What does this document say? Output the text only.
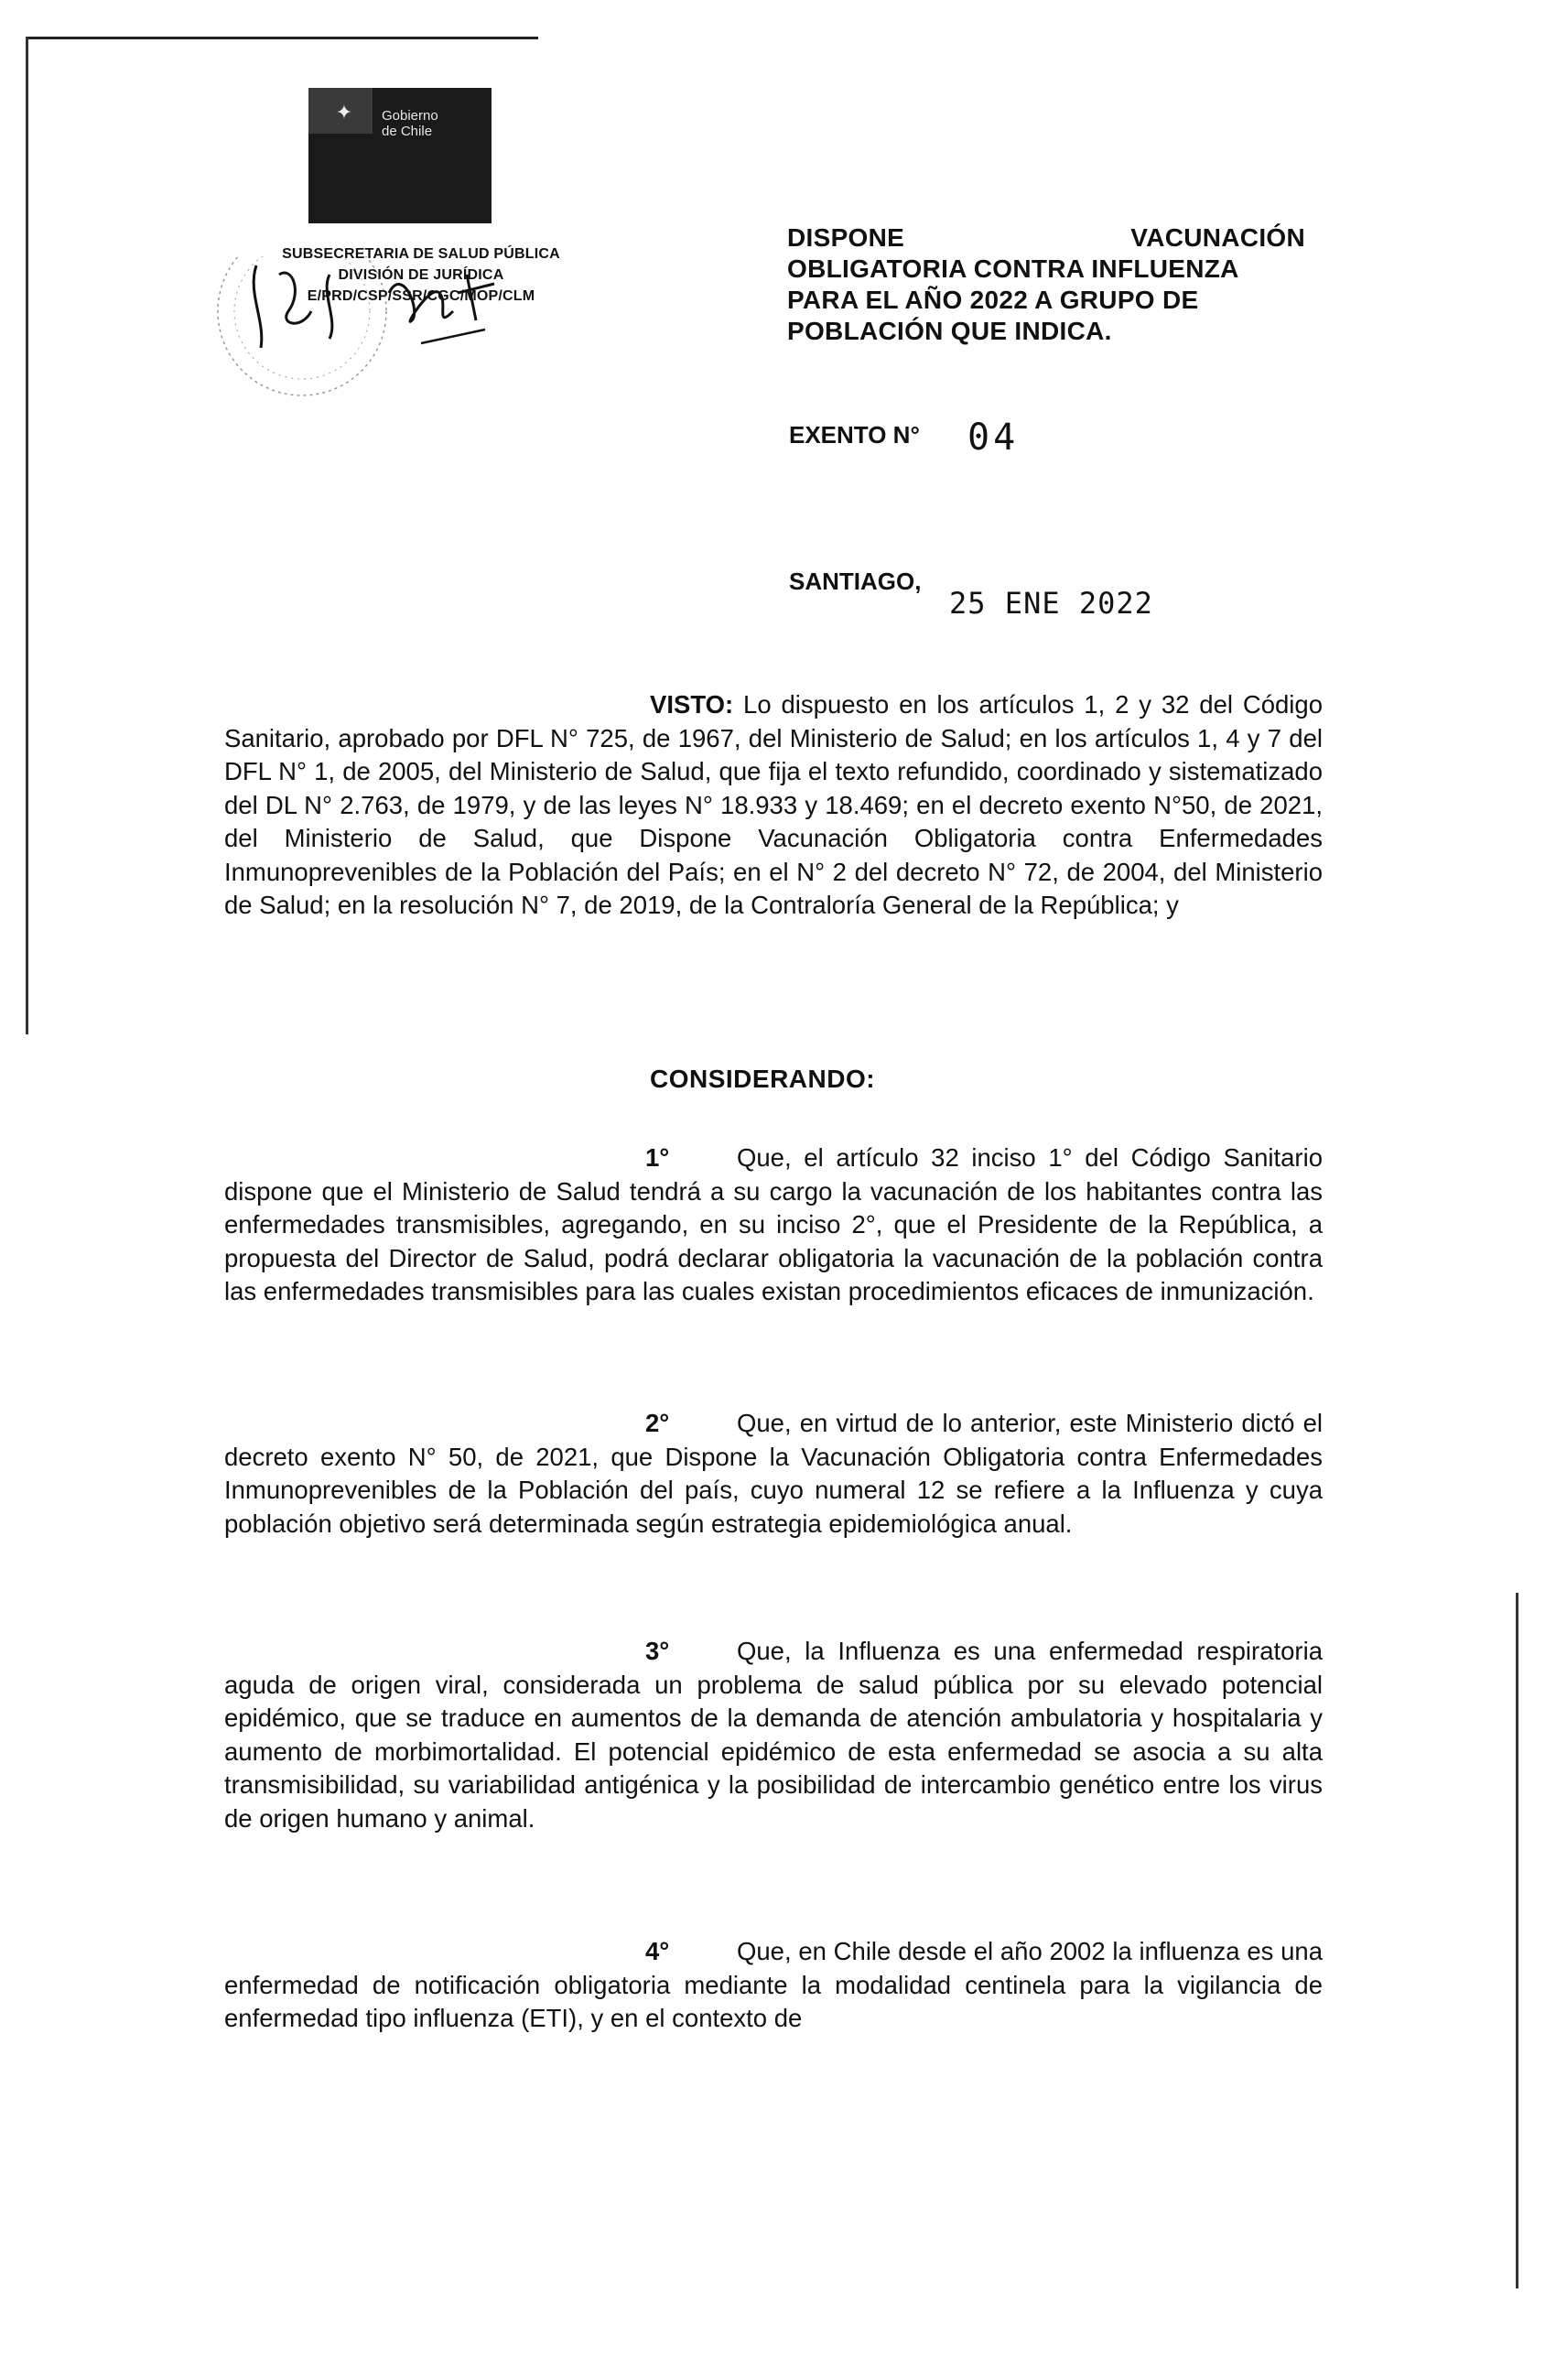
✦	Gobierno
de Chile
SUBSECRETARIA DE SALUD PÚBLICA
DIVISIÓN DE JURÍDICA
E/PRD/CSP/SSR/CGC/MOP/CLM
DISPONE	VACUNACIÓN
OBLIGATORIA CONTRA INFLUENZA
PARA EL AÑO 2022 A GRUPO DE
POBLACIÓN QUE INDICA.
EXENTO N° 04
SANTIAGO,
25 ENE 2022
VISTO: Lo dispuesto en los artículos 1, 2 y 32 del Código Sanitario, aprobado por DFL N° 725, de 1967, del Ministerio de Salud; en los artículos 1, 4 y 7 del DFL N° 1, de 2005, del Ministerio de Salud, que fija el texto refundido, coordinado y sistematizado del DL N° 2.763, de 1979, y de las leyes N° 18.933 y 18.469; en el decreto exento N°50, de 2021, del Ministerio de Salud, que Dispone Vacunación Obligatoria contra Enfermedades Inmunoprevenibles de la Población del País; en el N° 2 del decreto N° 72, de 2004, del Ministerio de Salud; en la resolución N° 7, de 2019, de la Contraloría General de la República; y
CONSIDERANDO:
1°	Que, el artículo 32 inciso 1° del Código Sanitario dispone que el Ministerio de Salud tendrá a su cargo la vacunación de los habitantes contra las enfermedades transmisibles, agregando, en su inciso 2°, que el Presidente de la República, a propuesta del Director de Salud, podrá declarar obligatoria la vacunación de la población contra las enfermedades transmisibles para las cuales existan procedimientos eficaces de inmunización.
2°	Que, en virtud de lo anterior, este Ministerio dictó el decreto exento N° 50, de 2021, que Dispone la Vacunación Obligatoria contra Enfermedades Inmunoprevenibles de la Población del país, cuyo numeral 12 se refiere a la Influenza y cuya población objetivo será determinada según estrategia epidemiológica anual.
3°	Que, la Influenza es una enfermedad respiratoria aguda de origen viral, considerada un problema de salud pública por su elevado potencial epidémico, que se traduce en aumentos de la demanda de atención ambulatoria y hospitalaria y aumento de morbimortalidad. El potencial epidémico de esta enfermedad se asocia a su alta transmisibilidad, su variabilidad antigénica y la posibilidad de intercambio genético entre los virus de origen humano y animal.
4°	Que, en Chile desde el año 2002 la influenza es una enfermedad de notificación obligatoria mediante la modalidad centinela para la vigilancia de enfermedad tipo influenza (ETI), y en el contexto de
